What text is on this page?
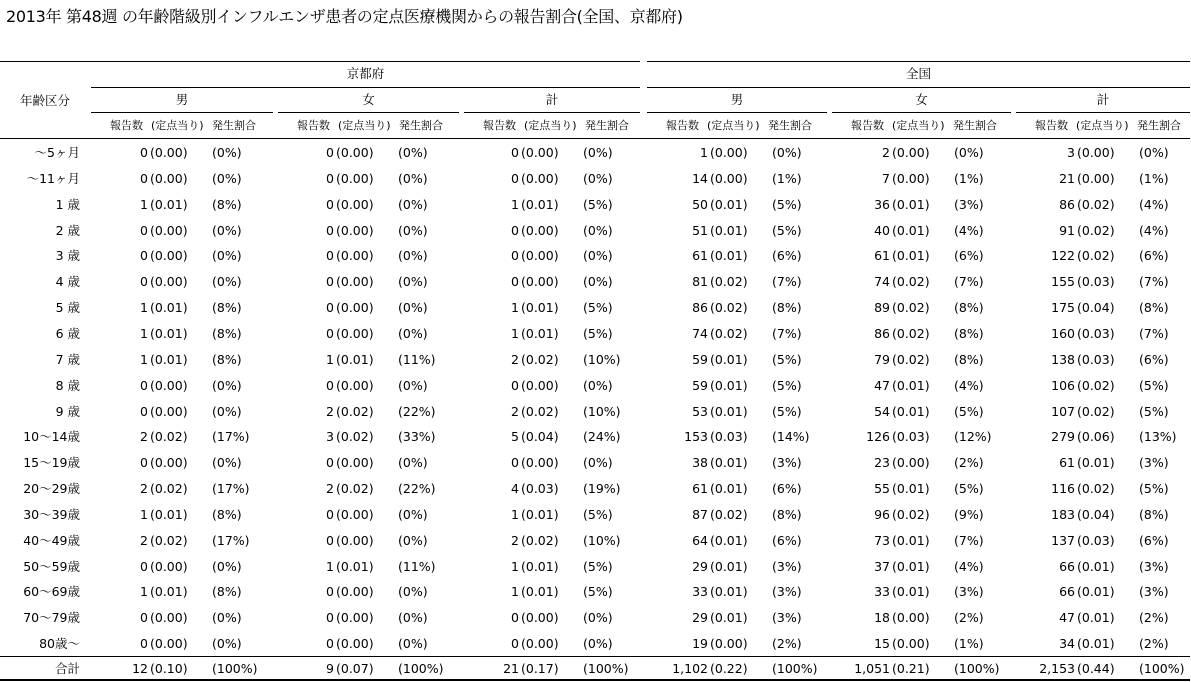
2013年 第48週 の年齢階級別インフルエンザ患者の定点医療機関からの報告割合(全国、京都府)
年齢区分
京都府	全国
男
報告数 (定点当り) 発生割合
女
報告数 (定点当り) 発生割合
計
報告数 (定点当り) 発生割合
男
報告数 (定点当り) 発生割合
女
報告数 (定点当り) 発生割合
計
報告数 (定点当り) 発生割合
〜5ヶ月	0 (0.00)	(0%)	0 (0.00)	(0%)	0 (0.00)	(0%)	1 (0.00)	(0%)	2 (0.00)	(0%)	3 (0.00)	(0%)
〜11ヶ月	0 (0.00)	(0%)	0 (0.00)	(0%)	0 (0.00)	(0%)	14 (0.00)	(1%)	7 (0.00)	(1%)	21 (0.00)	(1%)
1 歳	1 (0.01)	(8%)	0 (0.00)	(0%)	1 (0.01)	(5%)	50 (0.01)	(5%)	36 (0.01)	(3%)	86 (0.02)	(4%)
2 歳	0 (0.00)	(0%)	0 (0.00)	(0%)	0 (0.00)	(0%)	51 (0.01)	(5%)	40 (0.01)	(4%)	91 (0.02)	(4%)
3 歳	0 (0.00)	(0%)	0 (0.00)	(0%)	0 (0.00)	(0%)	61 (0.01)	(6%)	61 (0.01)	(6%)	122 (0.02)	(6%)
4 歳	0 (0.00)	(0%)	0 (0.00)	(0%)	0 (0.00)	(0%)	81 (0.02)	(7%)	74 (0.02)	(7%)	155 (0.03)	(7%)
5 歳	1 (0.01)	(8%)	0 (0.00)	(0%)	1 (0.01)	(5%)	86 (0.02)	(8%)	89 (0.02)	(8%)	175 (0.04)	(8%)
6 歳	1 (0.01)	(8%)	0 (0.00)	(0%)	1 (0.01)	(5%)	74 (0.02)	(7%)	86 (0.02)	(8%)	160 (0.03)	(7%)
7 歳	1 (0.01)	(8%)	1 (0.01)	(11%)	2 (0.02)	(10%)	59 (0.01)	(5%)	79 (0.02)	(8%)	138 (0.03)	(6%)
8 歳	0 (0.00)	(0%)	0 (0.00)	(0%)	0 (0.00)	(0%)	59 (0.01)	(5%)	47 (0.01)	(4%)	106 (0.02)	(5%)
9 歳	0 (0.00)	(0%)	2 (0.02)	(22%)	2 (0.02)	(10%)	53 (0.01)	(5%)	54 (0.01)	(5%)	107 (0.02)	(5%)
10〜14歳	2 (0.02)	(17%)	3 (0.02)	(33%)	5 (0.04)	(24%)	153 (0.03)	(14%)	126 (0.03)	(12%)	279 (0.06)	(13%)
15〜19歳	0 (0.00)	(0%)	0 (0.00)	(0%)	0 (0.00)	(0%)	38 (0.01)	(3%)	23 (0.00)	(2%)	61 (0.01)	(3%)
20〜29歳	2 (0.02)	(17%)	2 (0.02)	(22%)	4 (0.03)	(19%)	61 (0.01)	(6%)	55 (0.01)	(5%)	116 (0.02)	(5%)
30〜39歳	1 (0.01)	(8%)	0 (0.00)	(0%)	1 (0.01)	(5%)	87 (0.02)	(8%)	96 (0.02)	(9%)	183 (0.04)	(8%)
40〜49歳	2 (0.02)	(17%)	0 (0.00)	(0%)	2 (0.02)	(10%)	64 (0.01)	(6%)	73 (0.01)	(7%)	137 (0.03)	(6%)
50〜59歳	0 (0.00)	(0%)	1 (0.01)	(11%)	1 (0.01)	(5%)	29 (0.01)	(3%)	37 (0.01)	(4%)	66 (0.01)	(3%)
60〜69歳	1 (0.01)	(8%)	0 (0.00)	(0%)	1 (0.01)	(5%)	33 (0.01)	(3%)	33 (0.01)	(3%)	66 (0.01)	(3%)
70〜79歳	0 (0.00)	(0%)	0 (0.00)	(0%)	0 (0.00)	(0%)	29 (0.01)	(3%)	18 (0.00)	(2%)	47 (0.01)	(2%)
80歳〜	0 (0.00)	(0%)	0 (0.00)	(0%)	0 (0.00)	(0%)	19 (0.00)	(2%)	15 (0.00)	(1%)	34 (0.01)	(2%)
合計	12 (0.10)	(100%)	9 (0.07)	(100%)	21 (0.17)	(100%)	1,102 (0.22)	(100%)	1,051 (0.21)	(100%)	2,153 (0.44)	(100%)
